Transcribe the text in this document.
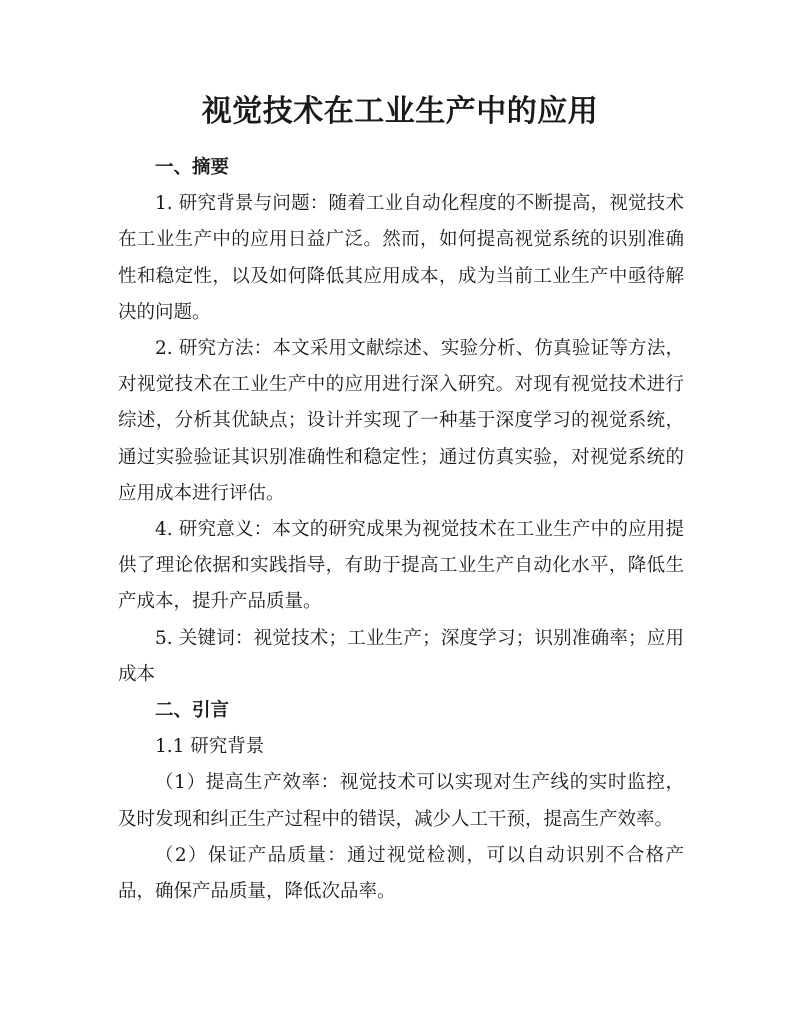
视觉技术在工业生产中的应用

一、摘要

1. 研究背景与问题：随着工业自动化程度的不断提高，视觉技术在工业生产中的应用日益广泛。然而，如何提高视觉系统的识别准确性和稳定性，以及如何降低其应用成本，成为当前工业生产中亟待解决的问题。

2. 研究方法：本文采用文献综述、实验分析、仿真验证等方法，对视觉技术在工业生产中的应用进行深入研究。对现有视觉技术进行综述，分析其优缺点；设计并实现了一种基于深度学习的视觉系统，通过实验验证其识别准确性和稳定性；通过仿真实验，对视觉系统的应用成本进行评估。

4. 研究意义：本文的研究成果为视觉技术在工业生产中的应用提供了理论依据和实践指导，有助于提高工业生产自动化水平，降低生产成本，提升产品质量。

5. 关键词：视觉技术；工业生产；深度学习；识别准确率；应用成本

二、引言

1.1 研究背景

（1）提高生产效率：视觉技术可以实现对生产线的实时监控，及时发现和纠正生产过程中的错误，减少人工干预，提高生产效率。

（2）保证产品质量：通过视觉检测，可以自动识别不合格产品，确保产品质量，降低次品率。
